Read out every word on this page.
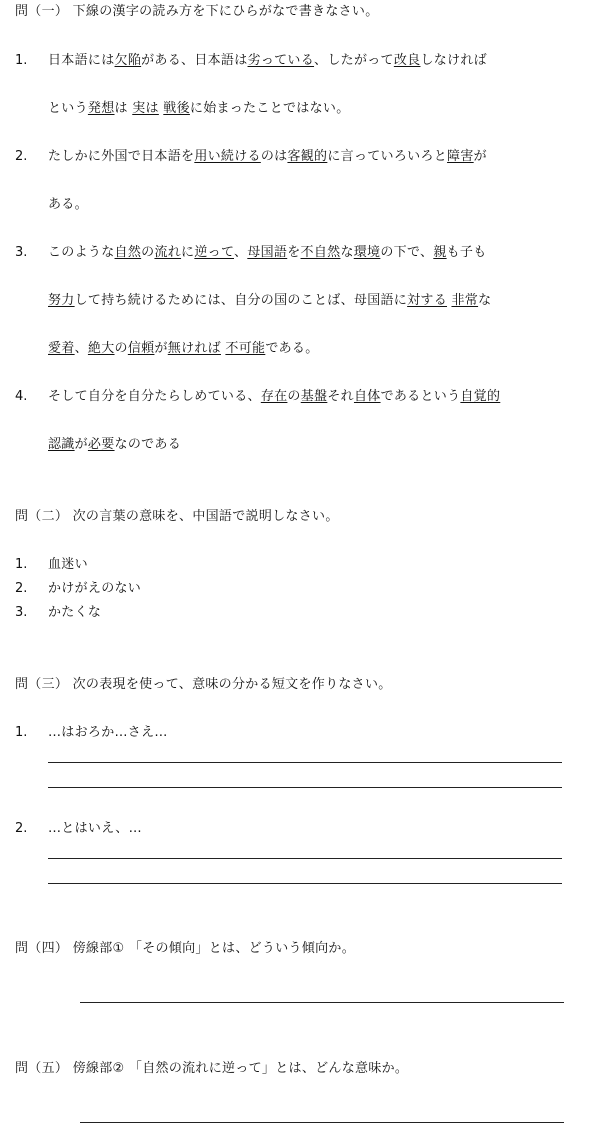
問（一） 下線の漢字の読み方を下にひらがなで書きなさい。
1. 日本語には欠陥がある、日本語は劣っている、したがって改良しなければ
という発想は 実は 戦後に始まったことではない。
2. たしかに外国で日本語を用い続けるのは客観的に言っていろいろと障害が
ある。
3. このような自然の流れに逆って、母国語を不自然な環境の下で、親も子も
努力して持ち続けるためには、自分の国のことば、母国語に対する 非常な
愛着、絶大の信頼が無ければ 不可能である。
4. そして自分を自分たらしめている、存在の基盤それ自体であるという自覚的
認識が必要なのである
問（二） 次の言葉の意味を、中国語で説明しなさい。
1. 血迷い
2. かけがえのない
3. かたくな
問（三） 次の表現を使って、意味の分かる短文を作りなさい。
1. …はおろか…さえ…
2. …とはいえ、…
問（四） 傍線部① 「その傾向」とは、どういう傾向か。
問（五） 傍線部② 「自然の流れに逆って」とは、どんな意味か。
